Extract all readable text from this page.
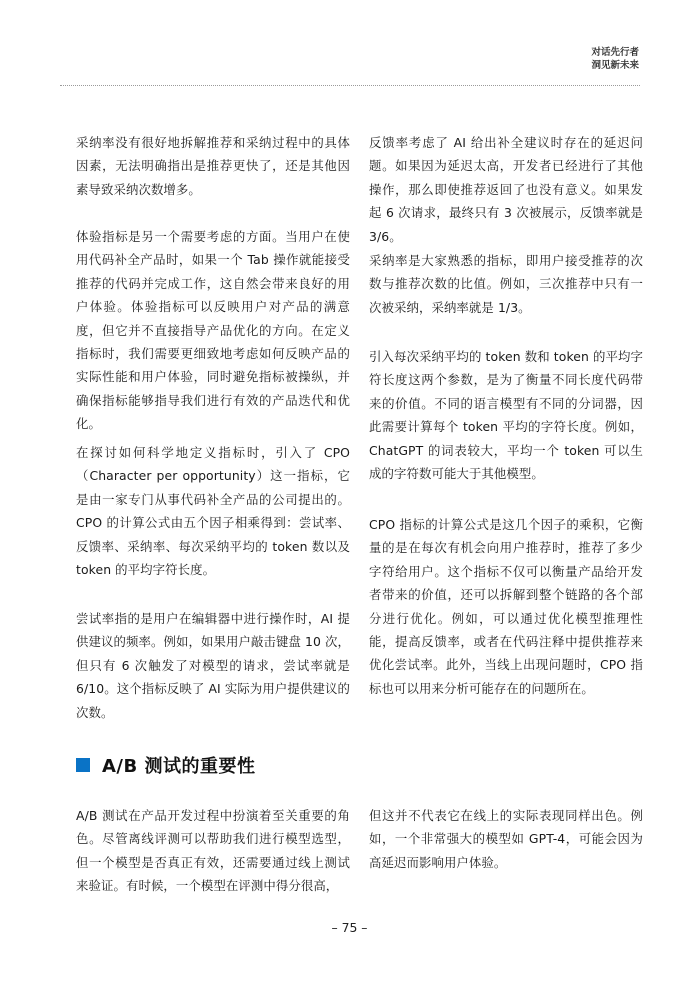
对话先行者
洞见新未来

采纳率没有很好地拆解推荐和采纳过程中的具体因素，无法明确指出是推荐更快了，还是其他因素导致采纳次数增多。

体验指标是另一个需要考虑的方面。当用户在使用代码补全产品时，如果一个 Tab 操作就能接受推荐的代码并完成工作，这自然会带来良好的用户体验。体验指标可以反映用户对产品的满意度，但它并不直接指导产品优化的方向。在定义指标时，我们需要更细致地考虑如何反映产品的实际性能和用户体验，同时避免指标被操纵，并确保指标能够指导我们进行有效的产品迭代和优化。

在探讨如何科学地定义指标时，引入了 CPO（Character per opportunity）这一指标，它是由一家专门从事代码补全产品的公司提出的。CPO 的计算公式由五个因子相乘得到：尝试率、反馈率、采纳率、每次采纳平均的 token 数以及 token 的平均字符长度。

尝试率指的是用户在编辑器中进行操作时，AI 提供建议的频率。例如，如果用户敲击键盘 10 次，但只有 6 次触发了对模型的请求，尝试率就是 6/10。这个指标反映了 AI 实际为用户提供建议的次数。

反馈率考虑了 AI 给出补全建议时存在的延迟问题。如果因为延迟太高，开发者已经进行了其他操作，那么即使推荐返回了也没有意义。如果发起 6 次请求，最终只有 3 次被展示，反馈率就是 3/6。

采纳率是大家熟悉的指标，即用户接受推荐的次数与推荐次数的比值。例如，三次推荐中只有一次被采纳，采纳率就是 1/3。

引入每次采纳平均的 token 数和 token 的平均字符长度这两个参数，是为了衡量不同长度代码带来的价值。不同的语言模型有不同的分词器，因此需要计算每个 token 平均的字符长度。例如，ChatGPT 的词表较大，平均一个 token 可以生成的字符数可能大于其他模型。

CPO 指标的计算公式是这几个因子的乘积，它衡量的是在每次有机会向用户推荐时，推荐了多少字符给用户。这个指标不仅可以衡量产品给开发者带来的价值，还可以拆解到整个链路的各个部分进行优化。例如，可以通过优化模型推理性能，提高反馈率，或者在代码注释中提供推荐来优化尝试率。此外，当线上出现问题时，CPO 指标也可以用来分析可能存在的问题所在。

A/B 测试的重要性

A/B 测试在产品开发过程中扮演着至关重要的角色。尽管离线评测可以帮助我们进行模型选型，但一个模型是否真正有效，还需要通过线上测试来验证。有时候，一个模型在评测中得分很高，

但这并不代表它在线上的实际表现同样出色。例如，一个非常强大的模型如 GPT-4，可能会因为高延迟而影响用户体验。

– 75 –
